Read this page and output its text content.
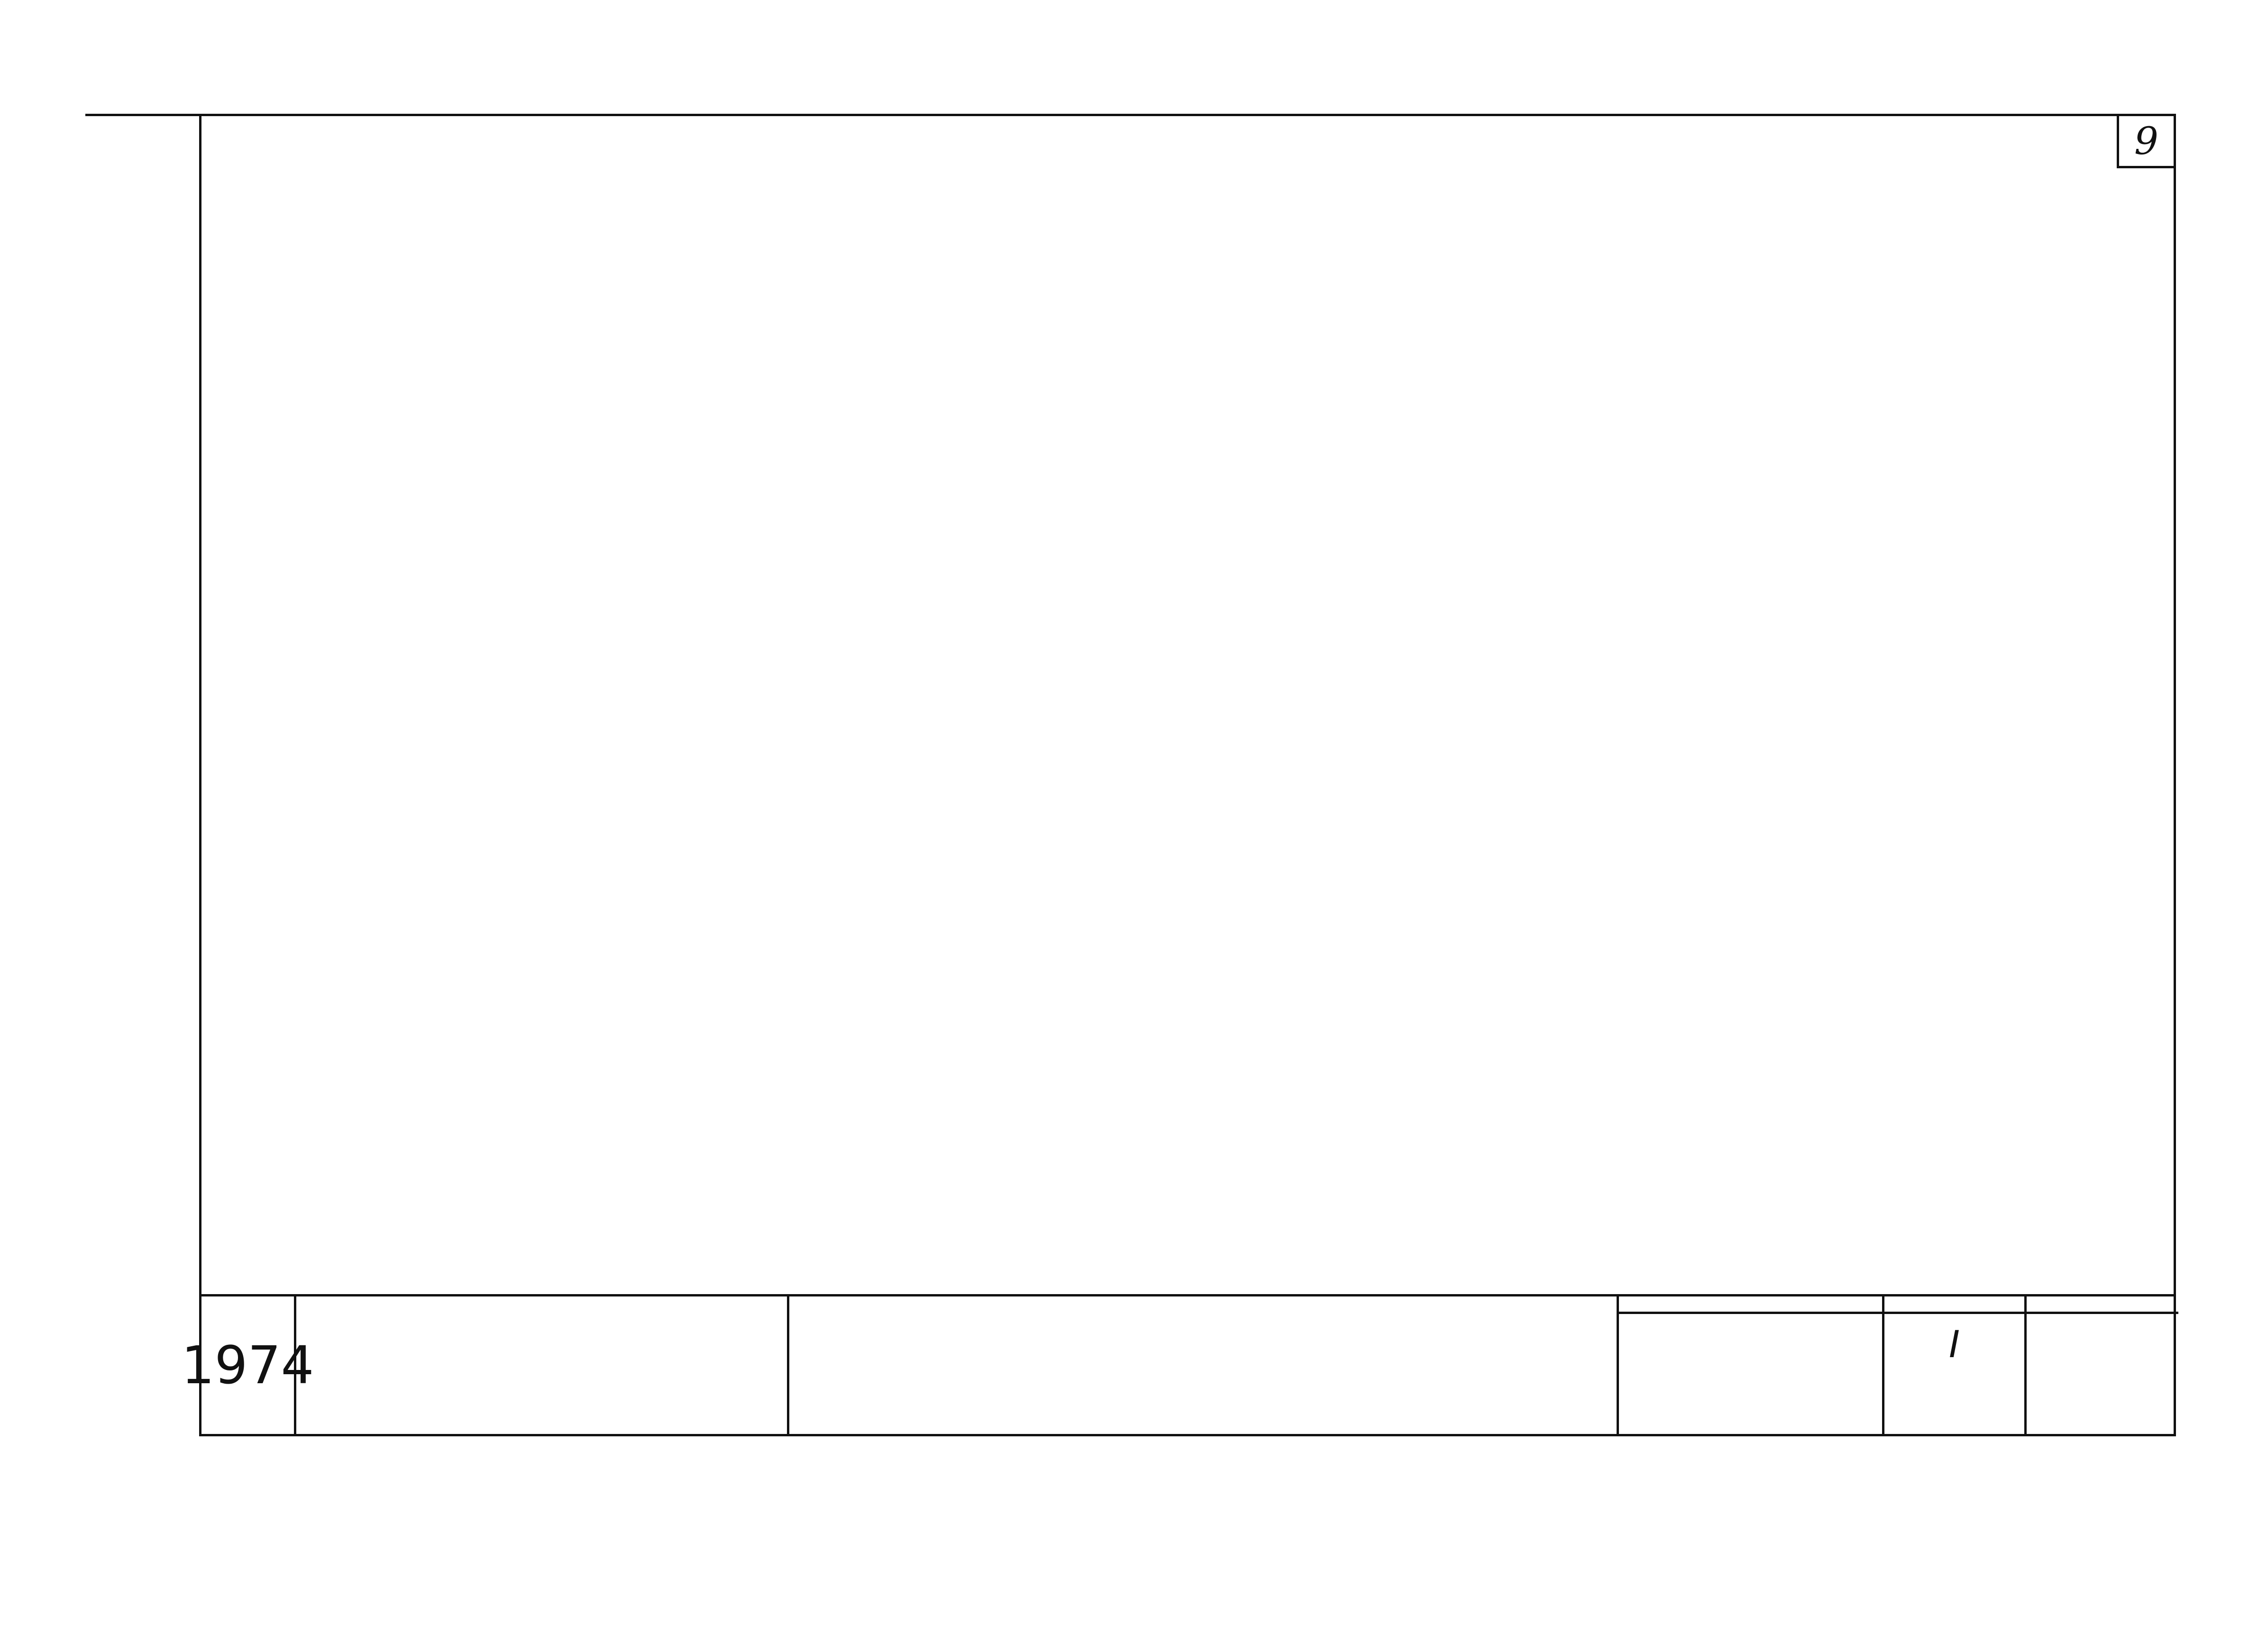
9
1974	I
